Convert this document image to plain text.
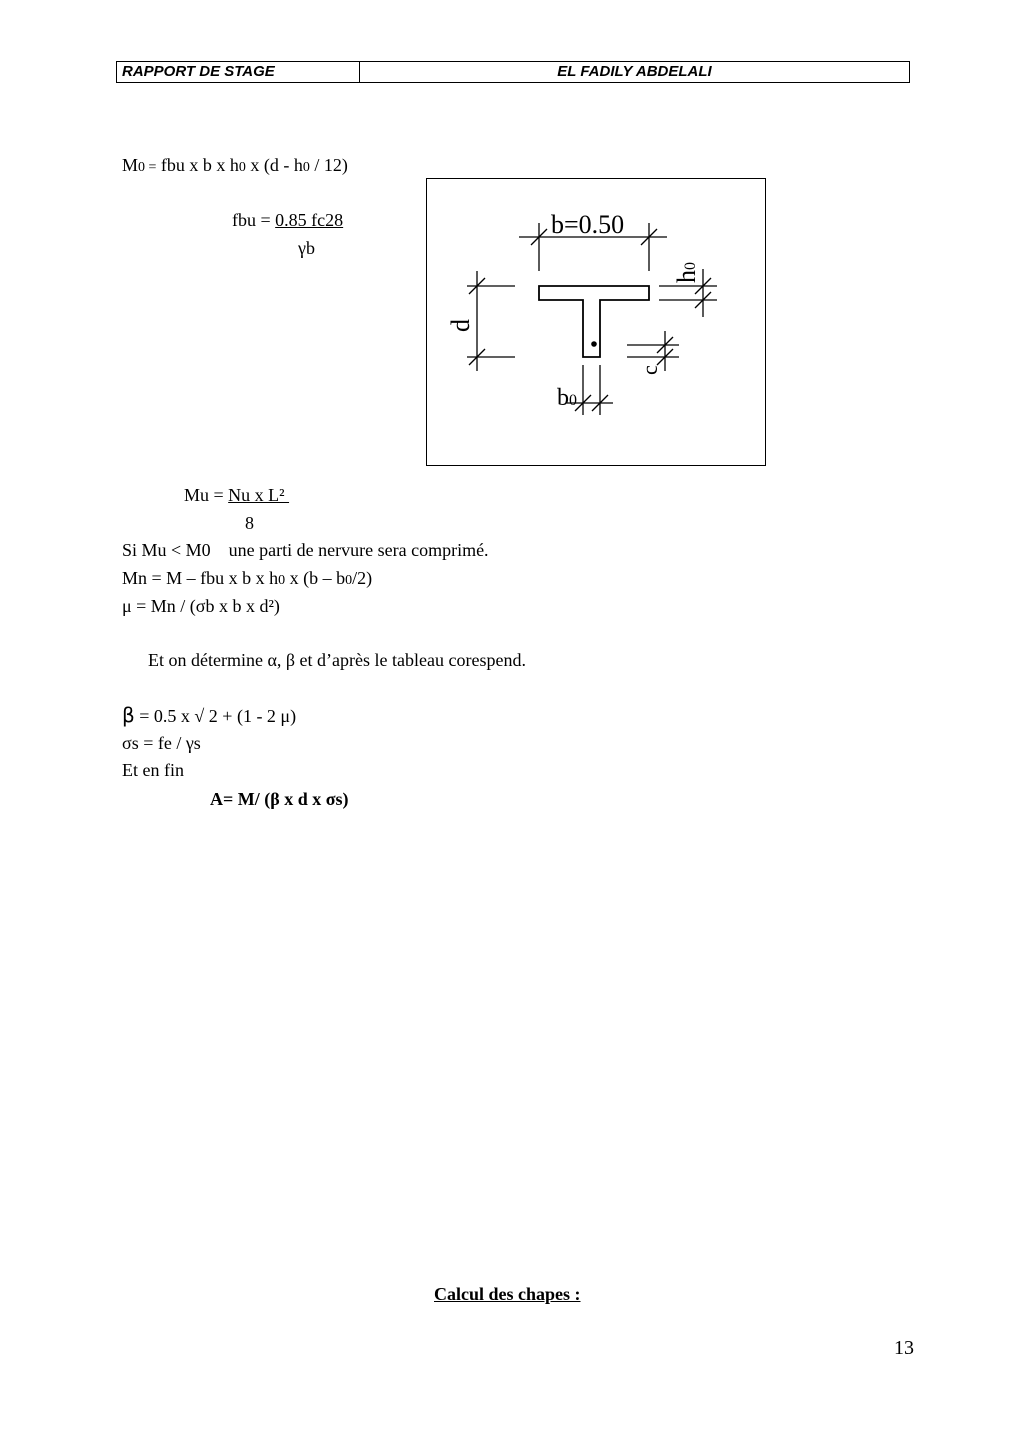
RAPPORT DE STAGE	EL FADILY ABDELALI
M0 = fbu x b x h0 x (d - h0 / 12)
fbu = 0.85 fc28
γb
b=0.50
h0
d
c
b0
Mu = Nu x L²
8
Si Mu < M0    une parti de nervure sera comprimé.
Mn = M – fbu x b x h0 x (b – b0/2)
μ = Mn / (σb x b x d²)
Et on détermine α, β et d’après le tableau corespend.
β = 0.5 x √ 2 + (1 - 2 μ)
σs = fe / γs
Et en fin
A= M/ (β x d x σs)
Calcul des chapes :
13
